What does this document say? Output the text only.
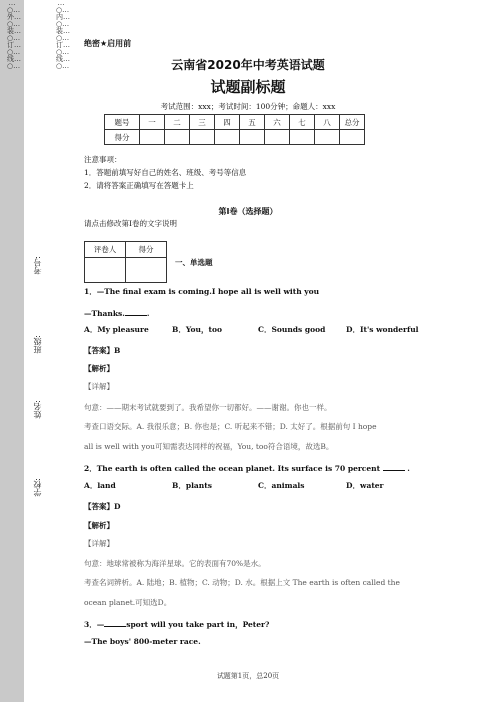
…○…外…○…装…○…订…○…线…○…
…○…内…○…装…○…订…○…线…○…
学校:
姓名:
班级:
考号:
绝密★启用前
云南省2020年中考英语试题
试题副标题
考试范围：xxx；考试时间：100分钟；命题人：xxx
题号	一	二	三	四	五	六	七	八	总分
得分									
注意事项：
1．答题前填写好自己的姓名、班级、考号等信息
2．请将答案正确填写在答题卡上
第I卷（选择题）
请点击修改第I卷的文字说明
评卷人	得分

一、单选题
1．—The final exam is coming.I hope all is well with you
—Thanks.	.
A．My pleasure	B．You，too	C．Sounds good	D．It's wonderful
【答案】B
【解析】
【详解】
句意：——期末考试就要到了。我希望你一切都好。——谢谢。你也一样。
考查口语交际。A. 我很乐意；B. 你也是；C. 听起来不错；D. 太好了。根据前句 I hope
all is well with you可知需表达同样的祝福，You, too符合语境，故选B。
2．The earth is often called the ocean planet. Its surface is 70 percent	.
A．land	B．plants	C．animals	D．water
【答案】D
【解析】
【详解】
句意：地球常被称为海洋星球。它的表面有70%是水。
考查名词辨析。A. 陆地；B. 植物；C. 动物；D. 水。根据上文 The earth is often called the
ocean planet.可知选D。
3．—	sport will you take part in，Peter?
—The boys' 800-meter race.
试题第1页，总20页
